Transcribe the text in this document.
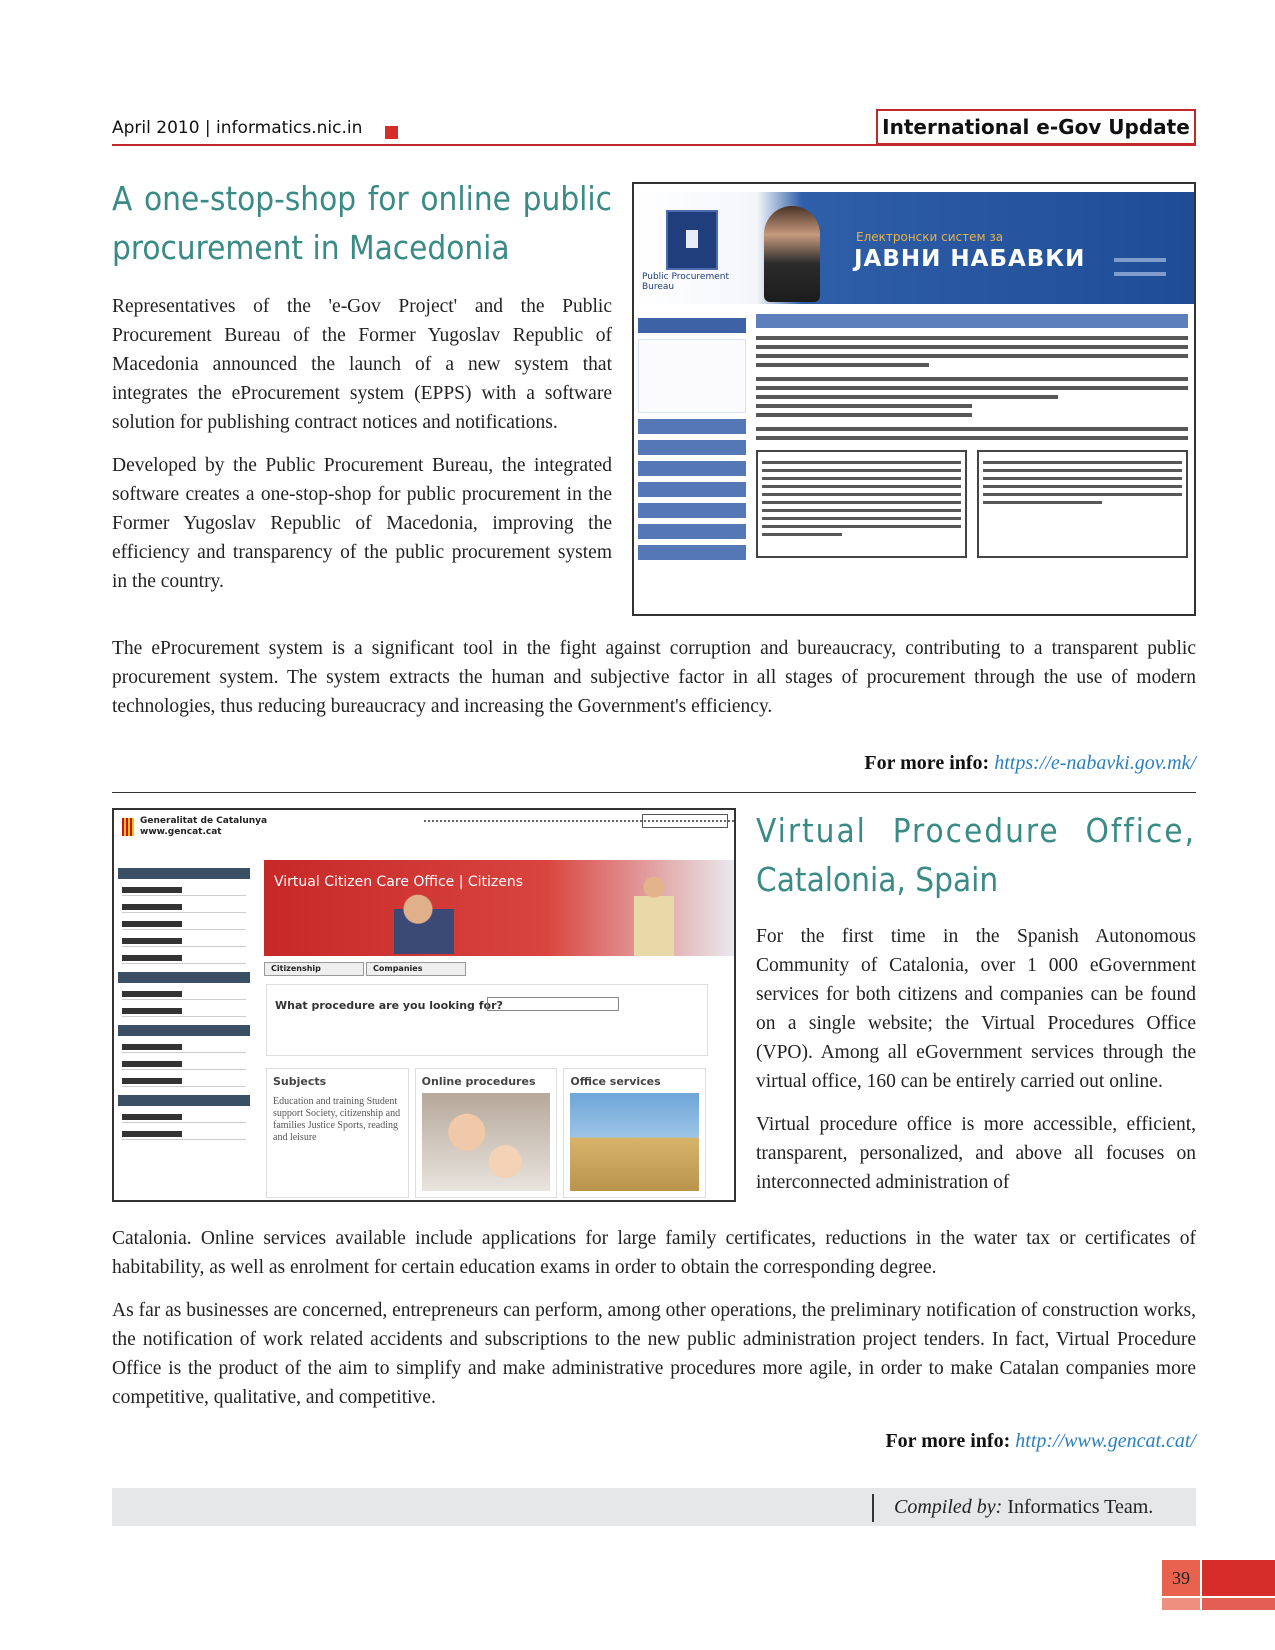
April 2010 | informatics.nic.in	International e-Gov Update
A one-stop-shop for online public
procurement in Macedonia

Representatives of the 'e-Gov Project' and the Public Procurement Bureau of the Former Yugoslav Republic of Macedonia announced the launch of a new system that integrates the eProcurement system (EPPS) with a software solution for publishing contract notices and notifications.

Developed by the Public Procurement Bureau, the integrated software creates a one-stop-shop for public procurement in the Former Yugoslav Republic of Macedonia, improving the efficiency and transparency of the public procurement system in the country.

Public Procurement Bureau
Електронски систем за
ЈАВНИ НАБАВКИ
The eProcurement system is a significant tool in the fight against corruption and bureaucracy, contributing to a transparent public procurement system. The system extracts the human and subjective factor in all stages of procurement through the use of modern technologies, thus reducing bureaucracy and increasing the Government's efficiency.
For more info: https://e-nabavki.gov.mk/
Generalitat de Catalunya
www.gencat.cat
Virtual Citizen Care Office | Citizens
Citizenship	Companies
What procedure are you looking for?
Subjects
Education and training Student support Society, citizenship and families Justice Sports, reading and leisure
Online procedures	Office services
Virtual Procedure Office,
Catalonia, Spain

For the first time in the Spanish Autonomous Community of Catalonia, over 1 000 eGovernment services for both citizens and companies can be found on a single website; the Virtual Procedures Office (VPO). Among all eGovernment services through the virtual office, 160 can be entirely carried out online.

Virtual procedure office is more accessible, efficient, transparent, personalized, and above all focuses on interconnected administration of

Catalonia. Online services available include applications for large family certificates, reductions in the water tax or certificates of habitability, as well as enrolment for certain education exams in order to obtain the corresponding degree.

As far as businesses are concerned, entrepreneurs can perform, among other operations, the preliminary notification of construction works, the notification of work related accidents and subscriptions to the new public administration project tenders. In fact, Virtual Procedure Office is the product of the aim to simplify and make administrative procedures more agile, in order to make Catalan companies more competitive, qualitative, and competitive.

For more info: http://www.gencat.cat/
Compiled by: Informatics Team.
39
